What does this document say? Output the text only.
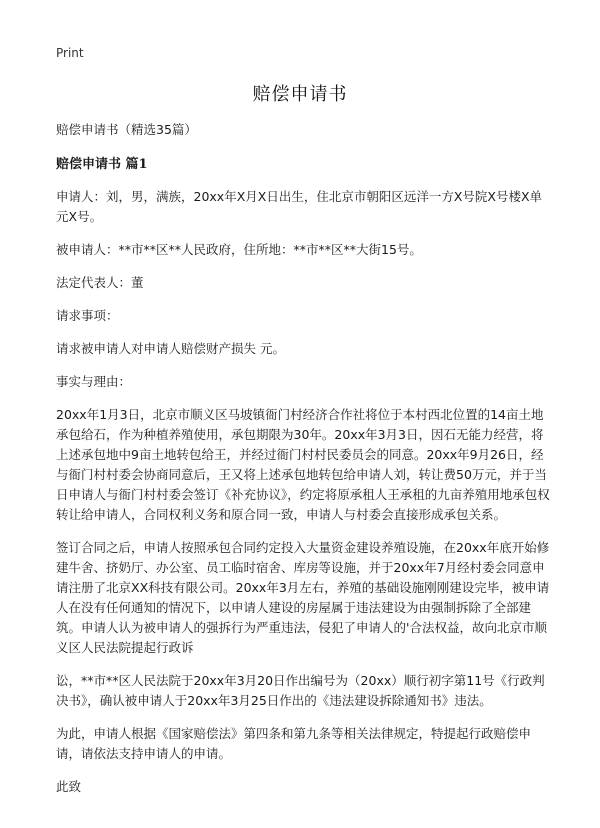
Print
赔偿申请书

赔偿申请书（精选35篇）

赔偿申请书 篇1

申请人：刘，男，满族，20xx年X月X日出生，住北京市朝阳区远洋一方X号院X号楼X单元X号。

被申请人：**市**区**人民政府，住所地：**市**区**大街15号。

法定代表人：董

请求事项：

请求被申请人对申请人赔偿财产损失 元。

事实与理由：

20xx年1月3日，北京市顺义区马坡镇衙门村经济合作社将位于本村西北位置的14亩土地承包给石，作为种植养殖使用，承包期限为30年。20xx年3月3日，因石无能力经营，将上述承包地中9亩土地转包给王，并经过衙门村村民委员会的同意。20xx年9月26日，经与衙门村村委会协商同意后，王又将上述承包地转包给申请人刘，转让费50万元，并于当日申请人与衙门村村委会签订《补充协议》，约定将原承租人王承租的九亩养殖用地承包权转让给申请人，合同权利义务和原合同一致，申请人与村委会直接形成承包关系。

签订合同之后，申请人按照承包合同约定投入大量资金建设养殖设施，在20xx年底开始修建牛舍、挤奶厅、办公室、员工临时宿舍、库房等设施，并于20xx年7月经村委会同意申请注册了北京XX科技有限公司。20xx年3月左右，养殖的基础设施刚刚建设完毕，被申请人在没有任何通知的情况下，以申请人建设的房屋属于违法建设为由强制拆除了全部建筑。申请人认为被申请人的强拆行为严重违法，侵犯了申请人的'合法权益，故向北京市顺义区人民法院提起行政诉

讼，**市**区人民法院于20xx年3月20日作出编号为（20xx）顺行初字第11号《行政判决书》，确认被申请人于20xx年3月25日作出的《违法建设拆除通知书》违法。

为此，申请人根据《国家赔偿法》第四条和第九条等相关法律规定，特提起行政赔偿申请，请依法支持申请人的申请。

此致
